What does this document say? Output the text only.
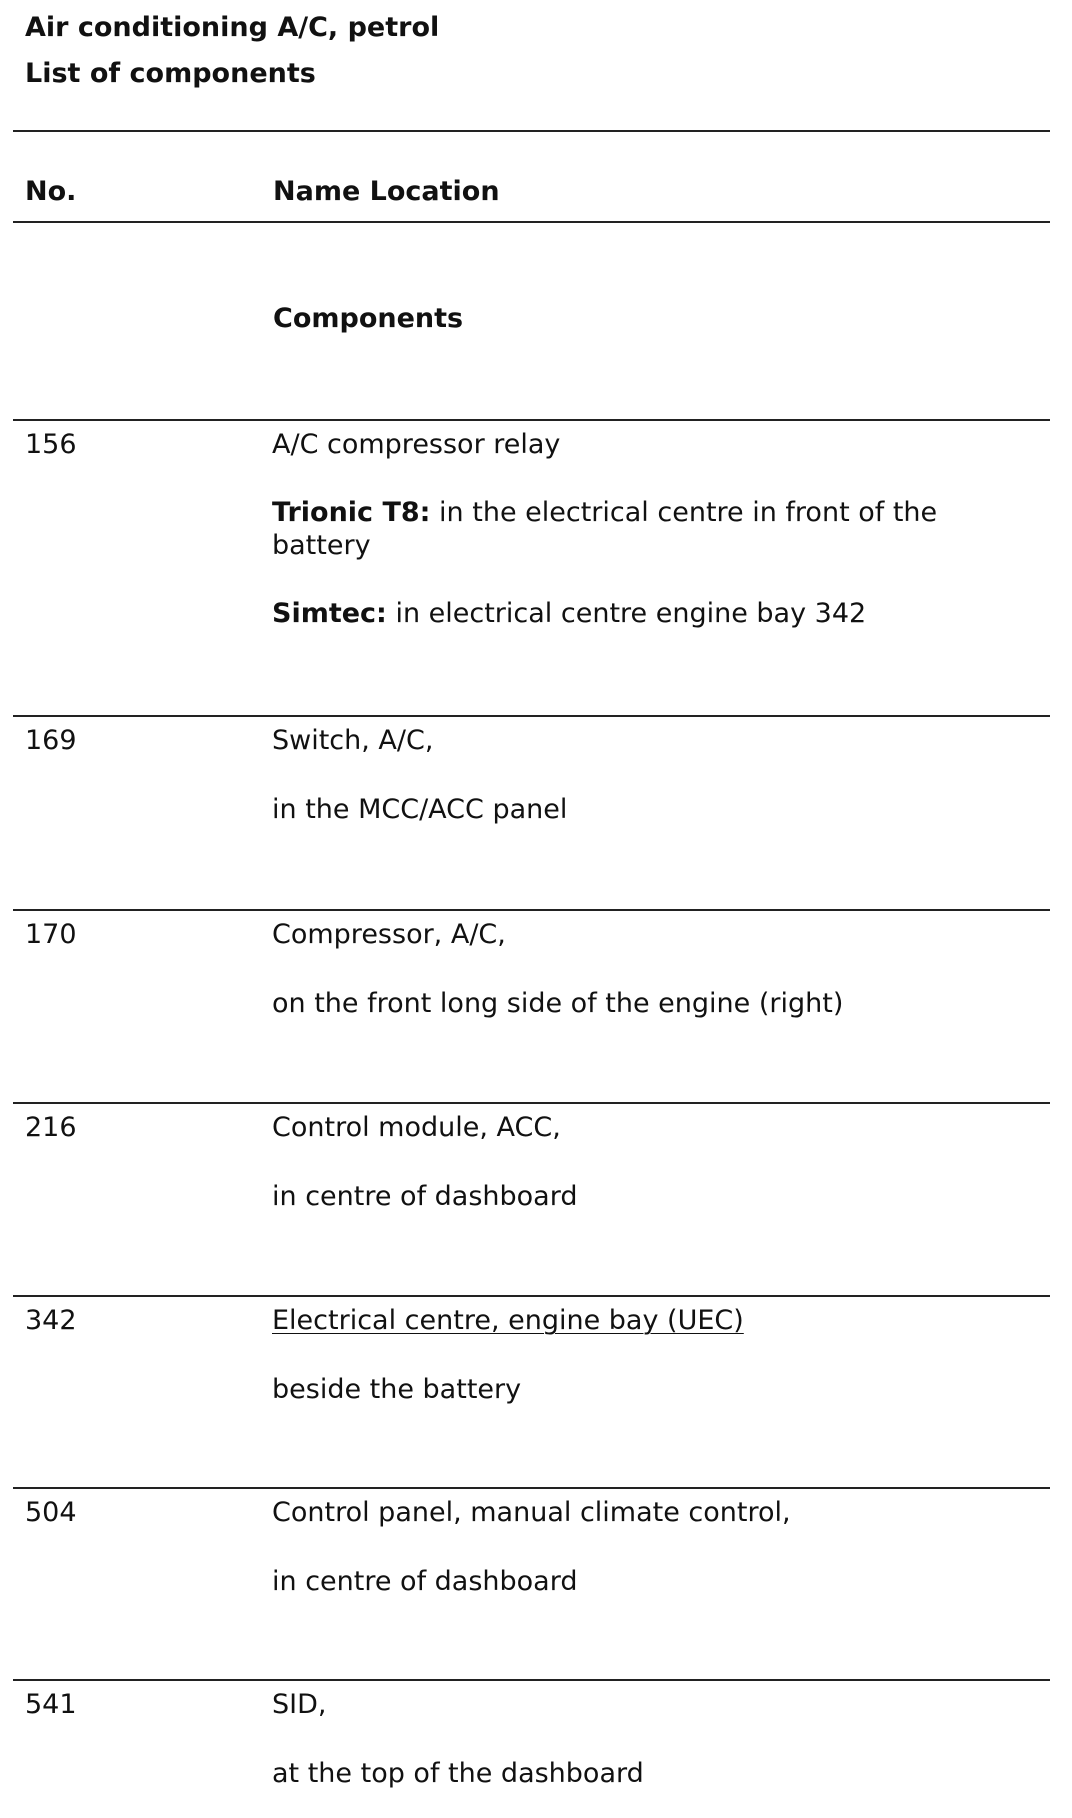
Air conditioning A/C, petrol
List of components
No.	Name Location
Components
156	A/C compressor relay
Trionic T8: in the electrical centre in front of the battery
Simtec: in electrical centre engine bay 342
169	Switch, A/C,
in the MCC/ACC panel
170	Compressor, A/C,
on the front long side of the engine (right)
216	Control module, ACC,
in centre of dashboard
342	Electrical centre, engine bay (UEC)
beside the battery
504	Control panel, manual climate control,
in centre of dashboard
541	SID,
at the top of the dashboard
